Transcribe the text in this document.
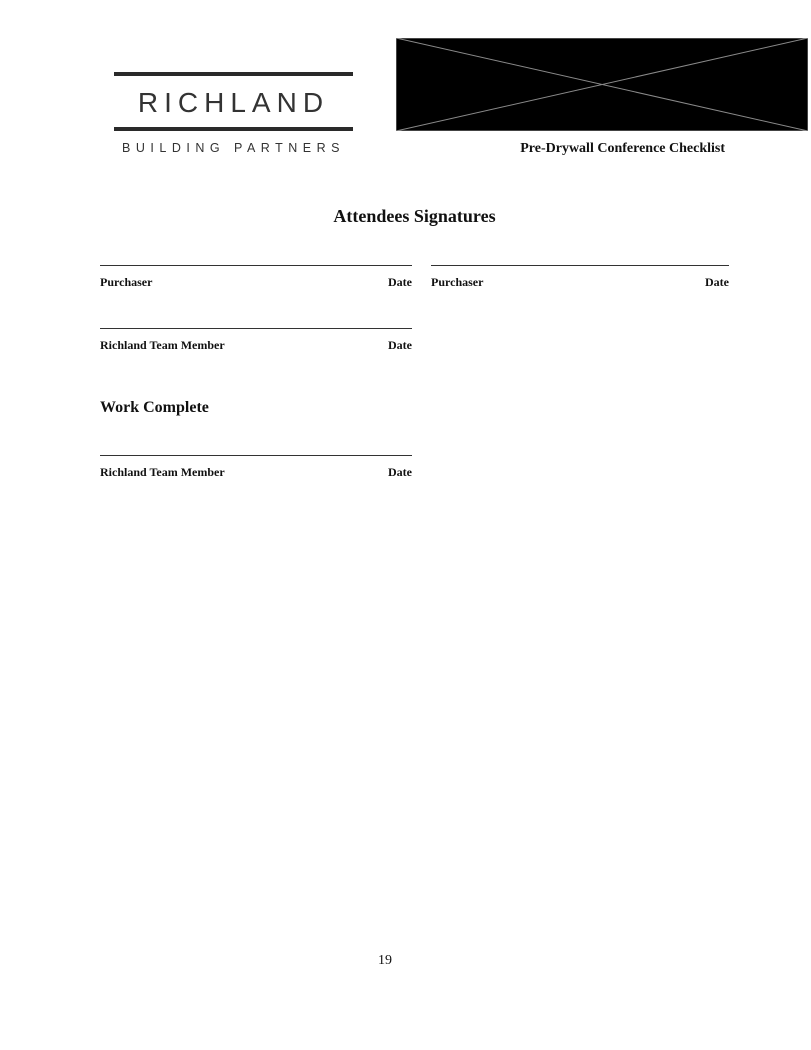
RICHLAND
BUILDING PARTNERS	Pre-Drywall Conference Checklist
Attendees Signatures
Purchaser	Date Purchaser	Date
Richland Team Member	Date
Work Complete
Richland Team Member	Date
19
